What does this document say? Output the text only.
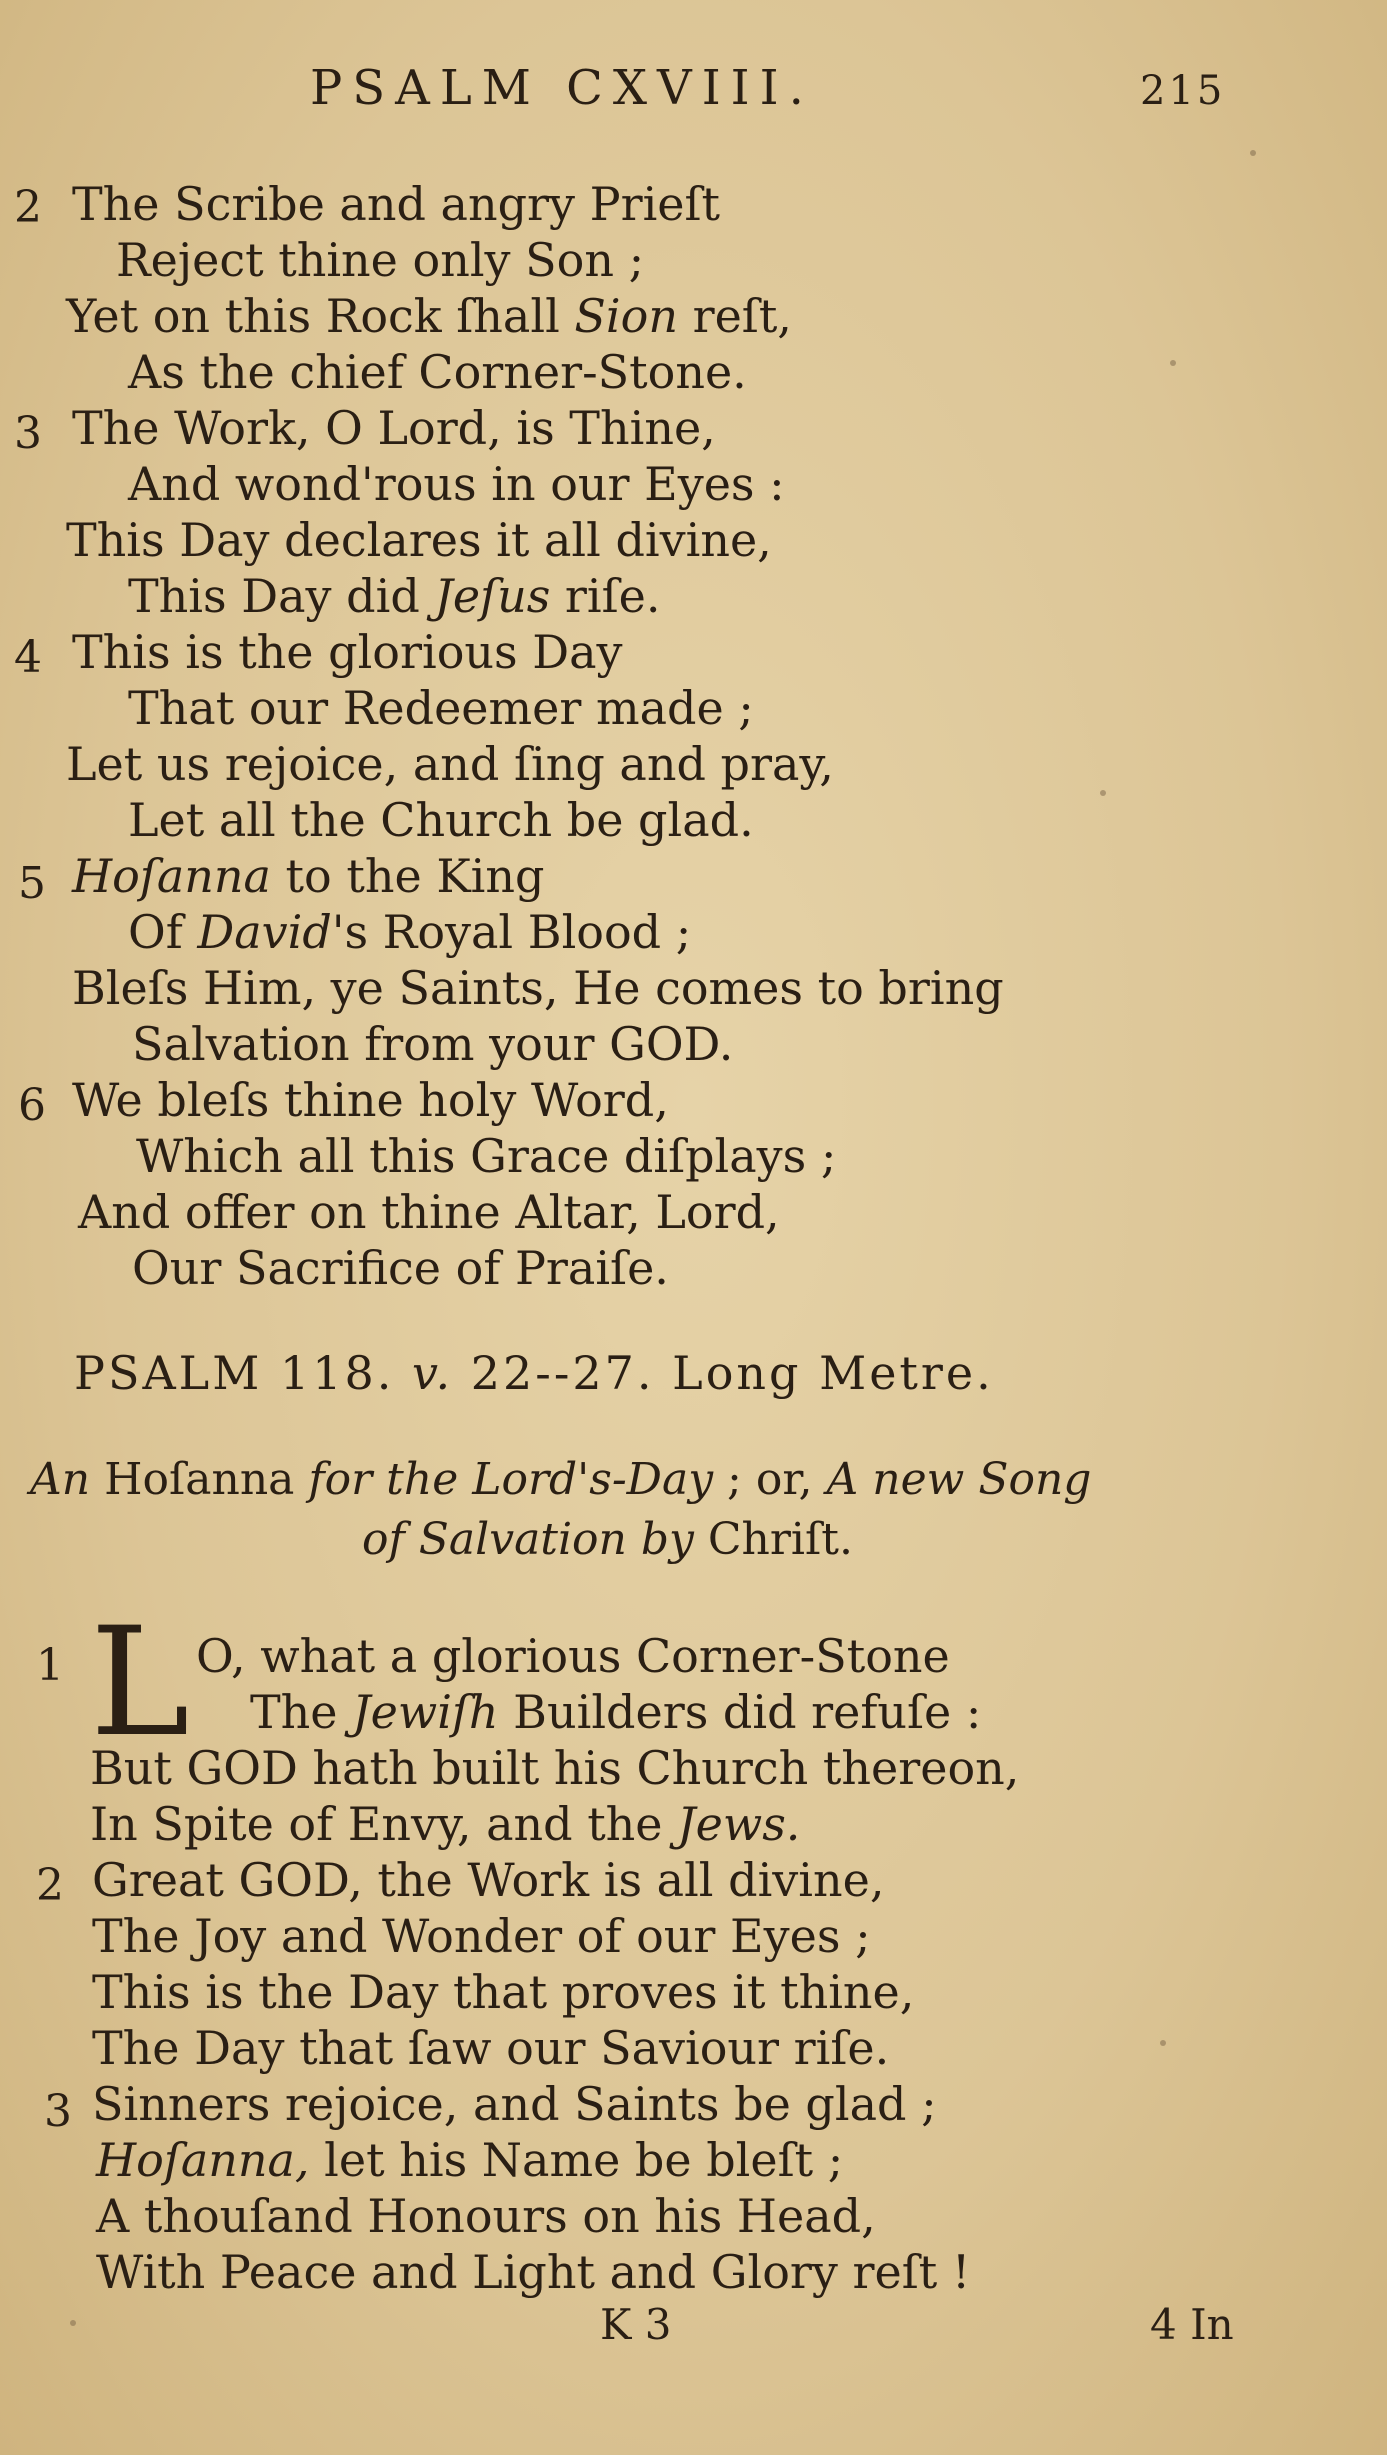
PSALM CXVIII.	215
2 The Scribe and angry Prieſt
Reject thine only Son ;
Yet on this Rock ſhall Sion reſt,
As the chief Corner-Stone.
3 The Work, O Lord, is Thine,
And wond'rous in our Eyes :
This Day declares it all divine,
This Day did Jeſus riſe.
4 This is the glorious Day
That our Redeemer made ;
Let us rejoice, and ſing and pray,
Let all the Church be glad.
5 Hoſanna to the King
Of David's Royal Blood ;
Bleſs Him, ye Saints, He comes to bring
Salvation from your GOD.
6 We bleſs thine holy Word,
Which all this Grace diſplays ;
And offer on thine Altar, Lord,
Our Sacrifice of Praiſe.
PSALM 118. v. 22--27. Long Metre.
An Hoſanna for the Lord's-Day ; or, A new Song
of Salvation by Chriſt.
1 L O, what a glorious Corner-Stone
The Jewiſh Builders did refuſe :
But GOD hath built his Church thereon,
In Spite of Envy, and the Jews.
2 Great GOD, the Work is all divine,
The Joy and Wonder of our Eyes ;
This is the Day that proves it thine,
The Day that ſaw our Saviour riſe.
3 Sinners rejoice, and Saints be glad ;
Hoſanna, let his Name be bleſt ;
A thouſand Honours on his Head,
With Peace and Light and Glory reſt !
K 3	4 In
